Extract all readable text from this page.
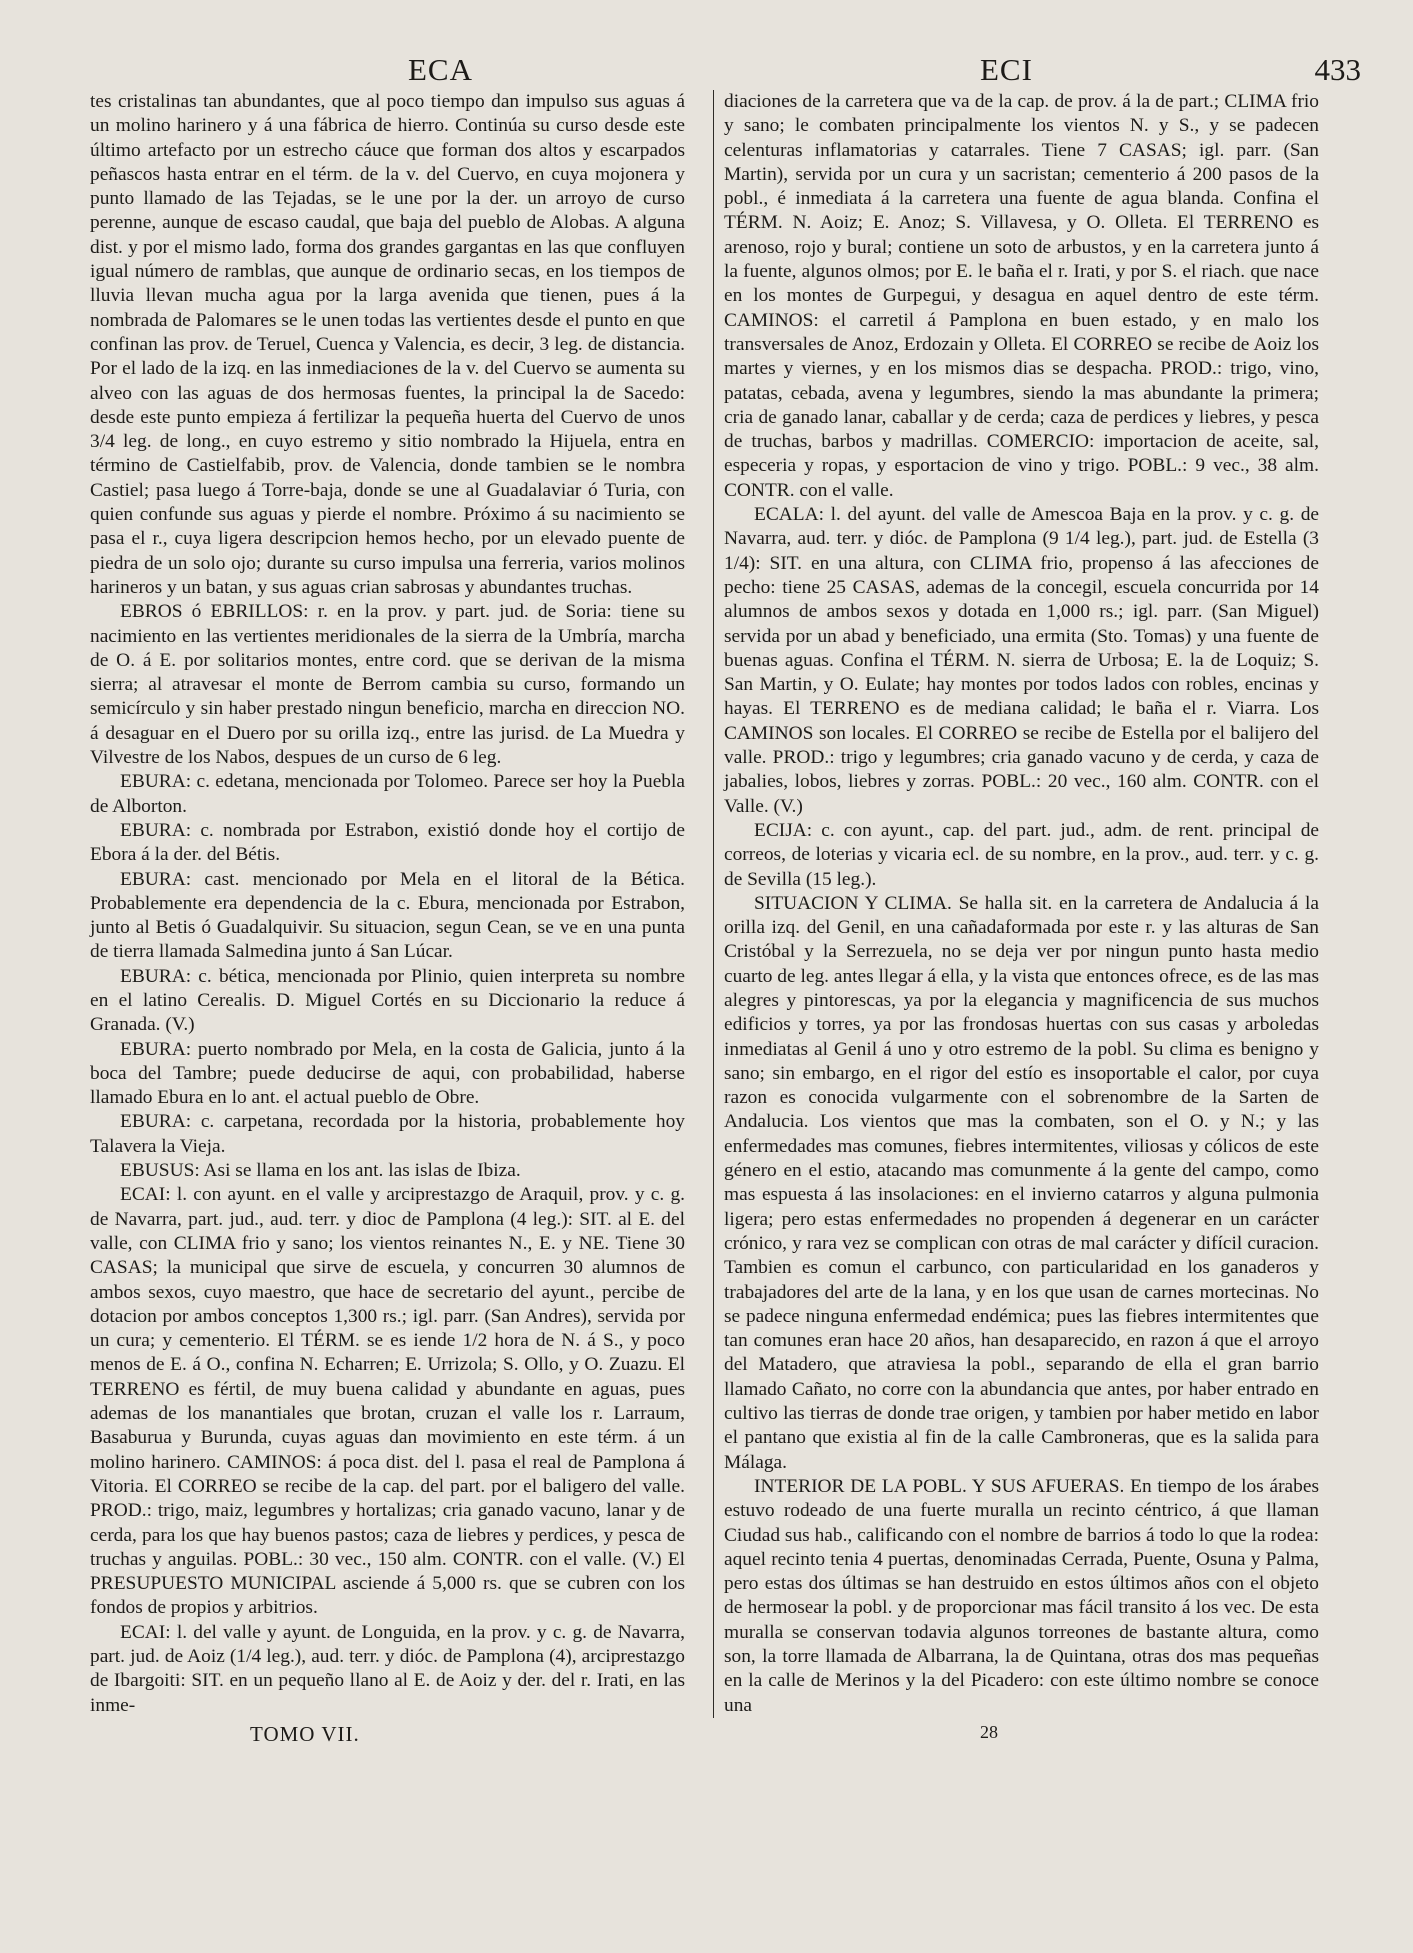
ECA	ECI	433

tes cristalinas tan abundantes, que al poco tiempo dan impulso sus aguas á un molino harinero y á una fábrica de hierro. Continúa su curso desde este último artefacto por un estrecho cáuce que forman dos altos y escarpados peñascos hasta entrar en el térm. de la v. del Cuervo, en cuya mojonera y punto llamado de las Tejadas, se le une por la der. un arroyo de curso perenne, aunque de escaso caudal, que baja del pueblo de Alobas. A alguna dist. y por el mismo lado, forma dos grandes gargantas en las que confluyen igual número de ramblas, que aunque de ordinario secas, en los tiempos de lluvia llevan mucha agua por la larga avenida que tienen, pues á la nombrada de Palomares se le unen todas las vertientes desde el punto en que confinan las prov. de Teruel, Cuenca y Valencia, es decir, 3 leg. de distancia. Por el lado de la izq. en las inmediaciones de la v. del Cuervo se aumenta su alveo con las aguas de dos hermosas fuentes, la principal la de Sacedo: desde este punto empieza á fertilizar la pequeña huerta del Cuervo de unos 3/4 leg. de long., en cuyo estremo y sitio nombrado la Hijuela, entra en término de Castielfabib, prov. de Valencia, donde tambien se le nombra Castiel; pasa luego á Torre-baja, donde se une al Guadalaviar ó Turia, con quien confunde sus aguas y pierde el nombre. Próximo á su nacimiento se pasa el r., cuya ligera descripcion hemos hecho, por un elevado puente de piedra de un solo ojo; durante su curso impulsa una ferreria, varios molinos harineros y un batan, y sus aguas crian sabrosas y abundantes truchas.

EBROS ó EBRILLOS: r. en la prov. y part. jud. de Soria: tiene su nacimiento en las vertientes meridionales de la sierra de la Umbría, marcha de O. á E. por solitarios montes, entre cord. que se derivan de la misma sierra; al atravesar el monte de Berrom cambia su curso, formando un semicírculo y sin haber prestado ningun beneficio, marcha en direccion NO. á desaguar en el Duero por su orilla izq., entre las jurisd. de La Muedra y Vilvestre de los Nabos, despues de un curso de 6 leg.

EBURA: c. edetana, mencionada por Tolomeo. Parece ser hoy la Puebla de Alborton.

EBURA: c. nombrada por Estrabon, existió donde hoy el cortijo de Ebora á la der. del Bétis.

EBURA: cast. mencionado por Mela en el litoral de la Bética. Probablemente era dependencia de la c. Ebura, mencionada por Estrabon, junto al Betis ó Guadalquivir. Su situacion, segun Cean, se ve en una punta de tierra llamada Salmedina junto á San Lúcar.

EBURA: c. bética, mencionada por Plinio, quien interpreta su nombre en el latino Cerealis. D. Miguel Cortés en su Diccionario la reduce á Granada. (V.)

EBURA: puerto nombrado por Mela, en la costa de Galicia, junto á la boca del Tambre; puede deducirse de aqui, con probabilidad, haberse llamado Ebura en lo ant. el actual pueblo de Obre.

EBURA: c. carpetana, recordada por la historia, probablemente hoy Talavera la Vieja.

EBUSUS: Asi se llama en los ant. las islas de Ibiza.

ECAI: l. con ayunt. en el valle y arciprestazgo de Araquil, prov. y c. g. de Navarra, part. jud., aud. terr. y dioc de Pamplona (4 leg.): SIT. al E. del valle, con CLIMA frio y sano; los vientos reinantes N., E. y NE. Tiene 30 CASAS; la municipal que sirve de escuela, y concurren 30 alumnos de ambos sexos, cuyo maestro, que hace de secretario del ayunt., percibe de dotacion por ambos conceptos 1,300 rs.; igl. parr. (San Andres), servida por un cura; y cementerio. El TÉRM. se es iende 1/2 hora de N. á S., y poco menos de E. á O., confina N. Echarren; E. Urrizola; S. Ollo, y O. Zuazu. El TERRENO es fértil, de muy buena calidad y abundante en aguas, pues ademas de los manantiales que brotan, cruzan el valle los r. Larraum, Basaburua y Burunda, cuyas aguas dan movimiento en este térm. á un molino harinero. CAMINOS: á poca dist. del l. pasa el real de Pamplona á Vitoria. El CORREO se recibe de la cap. del part. por el baligero del valle. PROD.: trigo, maiz, legumbres y hortalizas; cria ganado vacuno, lanar y de cerda, para los que hay buenos pastos; caza de liebres y perdices, y pesca de truchas y anguilas. POBL.: 30 vec., 150 alm. CONTR. con el valle. (V.) El PRESUPUESTO MUNICIPAL asciende á 5,000 rs. que se cubren con los fondos de propios y arbitrios.

ECAI: l. del valle y ayunt. de Longuida, en la prov. y c. g. de Navarra, part. jud. de Aoiz (1/4 leg.), aud. terr. y dióc. de Pamplona (4), arciprestazgo de Ibargoiti: SIT. en un pequeño llano al E. de Aoiz y der. del r. Irati, en las inme-

diaciones de la carretera que va de la cap. de prov. á la de part.; CLIMA frio y sano; le combaten principalmente los vientos N. y S., y se padecen celenturas inflamatorias y catarrales. Tiene 7 CASAS; igl. parr. (San Martin), servida por un cura y un sacristan; cementerio á 200 pasos de la pobl., é inmediata á la carretera una fuente de agua blanda. Confina el TÉRM. N. Aoiz; E. Anoz; S. Villavesa, y O. Olleta. El TERRENO es arenoso, rojo y bural; contiene un soto de arbustos, y en la carretera junto á la fuente, algunos olmos; por E. le baña el r. Irati, y por S. el riach. que nace en los montes de Gurpegui, y desagua en aquel dentro de este térm. CAMINOS: el carretil á Pamplona en buen estado, y en malo los transversales de Anoz, Erdozain y Olleta. El CORREO se recibe de Aoiz los martes y viernes, y en los mismos dias se despacha. PROD.: trigo, vino, patatas, cebada, avena y legumbres, siendo la mas abundante la primera; cria de ganado lanar, caballar y de cerda; caza de perdices y liebres, y pesca de truchas, barbos y madrillas. COMERCIO: importacion de aceite, sal, especeria y ropas, y esportacion de vino y trigo. POBL.: 9 vec., 38 alm. CONTR. con el valle.

ECALA: l. del ayunt. del valle de Amescoa Baja en la prov. y c. g. de Navarra, aud. terr. y dióc. de Pamplona (9 1/4 leg.), part. jud. de Estella (3 1/4): SIT. en una altura, con CLIMA frio, propenso á las afecciones de pecho: tiene 25 CASAS, ademas de la concegil, escuela concurrida por 14 alumnos de ambos sexos y dotada en 1,000 rs.; igl. parr. (San Miguel) servida por un abad y beneficiado, una ermita (Sto. Tomas) y una fuente de buenas aguas. Confina el TÉRM. N. sierra de Urbosa; E. la de Loquiz; S. San Martin, y O. Eulate; hay montes por todos lados con robles, encinas y hayas. El TERRENO es de mediana calidad; le baña el r. Viarra. Los CAMINOS son locales. El CORREO se recibe de Estella por el balijero del valle. PROD.: trigo y legumbres; cria ganado vacuno y de cerda, y caza de jabalies, lobos, liebres y zorras. POBL.: 20 vec., 160 alm. CONTR. con el Valle. (V.)

ECIJA: c. con ayunt., cap. del part. jud., adm. de rent. principal de correos, de loterias y vicaria ecl. de su nombre, en la prov., aud. terr. y c. g. de Sevilla (15 leg.).

SITUACION Y CLIMA. Se halla sit. en la carretera de Andalucia á la orilla izq. del Genil, en una cañadaformada por este r. y las alturas de San Cristóbal y la Serrezuela, no se deja ver por ningun punto hasta medio cuarto de leg. antes llegar á ella, y la vista que entonces ofrece, es de las mas alegres y pintorescas, ya por la elegancia y magnificencia de sus muchos edificios y torres, ya por las frondosas huertas con sus casas y arboledas inmediatas al Genil á uno y otro estremo de la pobl. Su clima es benigno y sano; sin embargo, en el rigor del estío es insoportable el calor, por cuya razon es conocida vulgarmente con el sobrenombre de la Sarten de Andalucia. Los vientos que mas la combaten, son el O. y N.; y las enfermedades mas comunes, fiebres intermitentes, viliosas y cólicos de este género en el estio, atacando mas comunmente á la gente del campo, como mas espuesta á las insolaciones: en el invierno catarros y alguna pulmonia ligera; pero estas enfermedades no propenden á degenerar en un carácter crónico, y rara vez se complican con otras de mal carácter y difícil curacion. Tambien es comun el carbunco, con particularidad en los ganaderos y trabajadores del arte de la lana, y en los que usan de carnes mortecinas. No se padece ninguna enfermedad endémica; pues las fiebres intermitentes que tan comunes eran hace 20 años, han desaparecido, en razon á que el arroyo del Matadero, que atraviesa la pobl., separando de ella el gran barrio llamado Cañato, no corre con la abundancia que antes, por haber entrado en cultivo las tierras de donde trae origen, y tambien por haber metido en labor el pantano que existia al fin de la calle Cambroneras, que es la salida para Málaga.

INTERIOR DE LA POBL. Y SUS AFUERAS. En tiempo de los árabes estuvo rodeado de una fuerte muralla un recinto céntrico, á que llaman Ciudad sus hab., calificando con el nombre de barrios á todo lo que la rodea: aquel recinto tenia 4 puertas, denominadas Cerrada, Puente, Osuna y Palma, pero estas dos últimas se han destruido en estos últimos años con el objeto de hermosear la pobl. y de proporcionar mas fácil transito á los vec. De esta muralla se conservan todavia algunos torreones de bastante altura, como son, la torre llamada de Albarrana, la de Quintana, otras dos mas pequeñas en la calle de Merinos y la del Picadero: con este último nombre se conoce una

TOMO VII.	28
